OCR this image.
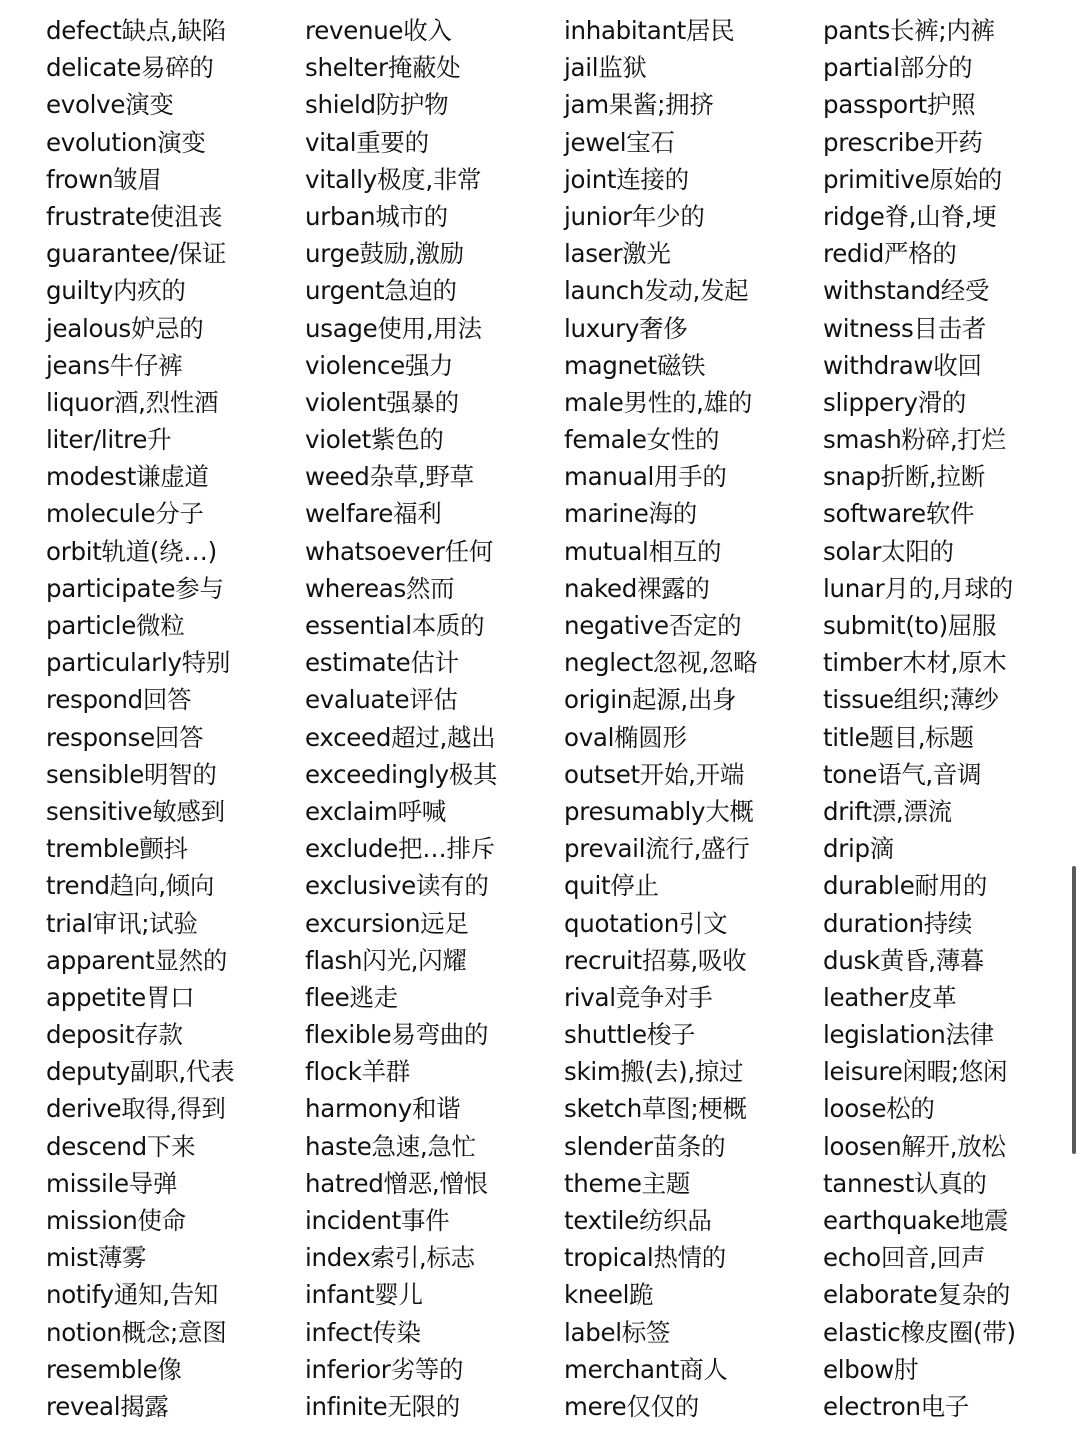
defect缺点,缺陷
delicate易碎的
evolve演变
evolution演变
frown皱眉
frustrate使沮丧
guarantee/保证
guilty内疚的
jealous妒忌的
jeans牛仔裤
liquor酒,烈性酒
liter/litre升
modest谦虚道
molecule分子
orbit轨道(绕…)
participate参与
particle微粒
particularly特别
respond回答
response回答
sensible明智的
sensitive敏感到
tremble颤抖
trend趋向,倾向
trial审讯;试验
apparent显然的
appetite胃口
deposit存款
deputy副职,代表
derive取得,得到
descend下来
missile导弹
mission使命
mist薄雾
notify通知,告知
notion概念;意图
resemble像
reveal揭露
revenue收入
shelter掩蔽处
shield防护物
vital重要的
vitally极度,非常
urban城市的
urge鼓励,激励
urgent急迫的
usage使用,用法
violence强力
violent强暴的
violet紫色的
weed杂草,野草
welfare福利
whatsoever任何
whereas然而
essential本质的
estimate估计
evaluate评估
exceed超过,越出
exceedingly极其
exclaim呼喊
exclude把…排斥
exclusive读有的
excursion远足
flash闪光,闪耀
flee逃走
flexible易弯曲的
flock羊群
harmony和谐
haste急速,急忙
hatred憎恶,憎恨
incident事件
index索引,标志
infant婴儿
infect传染
inferior劣等的
infinite无限的
inhabitant居民
jail监狱
jam果酱;拥挤
jewel宝石
joint连接的
junior年少的
laser激光
launch发动,发起
luxury奢侈
magnet磁铁
male男性的,雄的
female女性的
manual用手的
marine海的
mutual相互的
naked裸露的
negative否定的
neglect忽视,忽略
origin起源,出身
oval椭圆形
outset开始,开端
presumably大概
prevail流行,盛行
quit停止
quotation引文
recruit招募,吸收
rival竞争对手
shuttle梭子
skim搬(去),掠过
sketch草图;梗概
slender苗条的
theme主题
textile纺织品
tropical热情的
kneel跪
label标签
merchant商人
mere仅仅的
pants长裤;内裤
partial部分的
passport护照
prescribe开药
primitive原始的
ridge脊,山脊,埂
redid严格的
withstand经受
witness目击者
withdraw收回
slippery滑的
smash粉碎,打烂
snap折断,拉断
software软件
solar太阳的
lunar月的,月球的
submit(to)屈服
timber木材,原木
tissue组织;薄纱
title题目,标题
tone语气,音调
drift漂,漂流
drip滴
durable耐用的
duration持续
dusk黄昏,薄暮
leather皮革
legislation法律
leisure闲暇;悠闲
loose松的
loosen解开,放松
tannest认真的
earthquake地震
echo回音,回声
elaborate复杂的
elastic橡皮圈(带)
elbow肘
electron电子
